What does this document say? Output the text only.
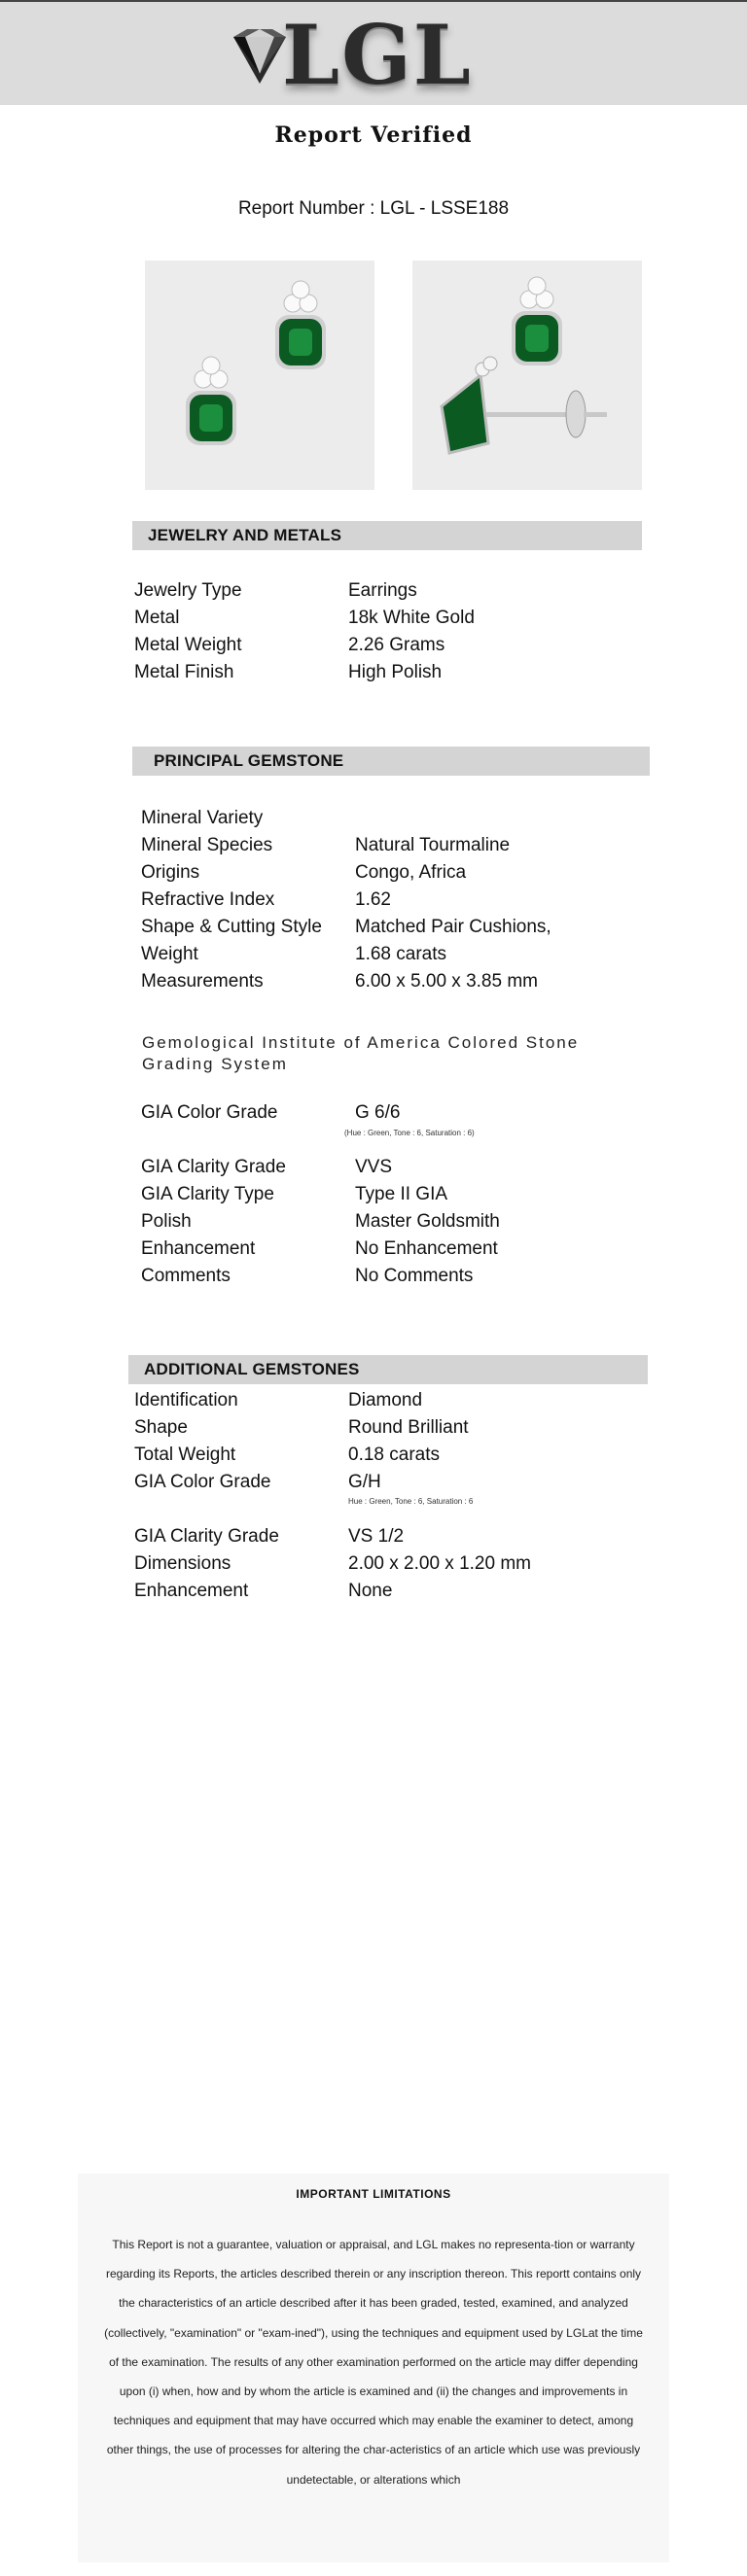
LGL
Report Verified
Report Number : LGL - LSSE188
JEWELRY AND METALS
Jewelry Type	Earrings
Metal	18k White Gold
Metal Weight	2.26 Grams
Metal Finish	High Polish
PRINCIPAL GEMSTONE
Mineral Variety
Mineral Species	Natural Tourmaline
Origins	Congo, Africa
Refractive Index	1.62
Shape & Cutting Style	Matched Pair Cushions,
Weight	1.68 carats
Measurements	6.00 x 5.00 x 3.85 mm
Gemological Institute of America Colored Stone Grading System
GIA Color Grade	G 6/6
(Hue : Green, Tone : 6, Saturation : 6)
GIA Clarity Grade	VVS
GIA Clarity Type	Type II GIA
Polish	Master Goldsmith
Enhancement	No Enhancement
Comments	No Comments
ADDITIONAL GEMSTONES
Identification	Diamond
Shape	Round Brilliant
Total Weight	0.18 carats
GIA Color Grade	G/H
Hue : Green, Tone : 6, Saturation : 6
GIA Clarity Grade	VS 1/2
Dimensions	2.00 x 2.00 x 1.20 mm
Enhancement	None
IMPORTANT LIMITATIONS
This Report is not a guarantee, valuation or appraisal, and LGL makes no representa-tion or warranty regarding its Reports, the articles described therein or any inscription thereon. This reportt contains only the characteristics of an article described after it has been graded, tested, examined, and analyzed (collectively, "examination" or "exam-ined"), using the techniques and equipment used by LGLat the time of the examination. The results of any other examination performed on the article may differ depending upon (i) when, how and by whom the article is examined and (ii) the changes and improvements in techniques and equipment that may have occurred which may enable the examiner to detect, among other things, the use of processes for altering the char-acteristics of an article which use was previously undetectable, or alterations which
